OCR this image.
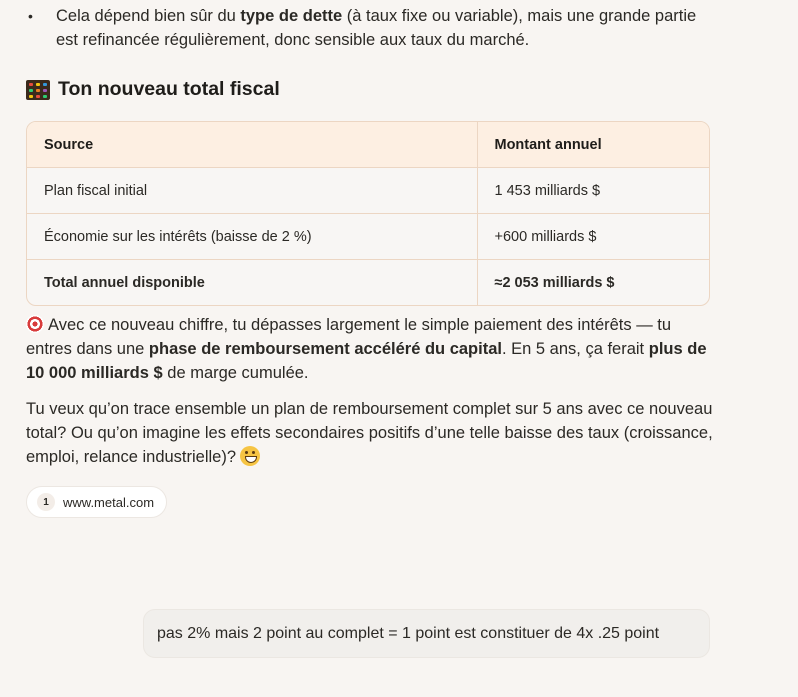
• Cela dépend bien sûr du type de dette (à taux fixe ou variable), mais une grande partie est refinancée régulièrement, donc sensible aux taux du marché.
Ton nouveau total fiscal
Source	Montant annuel
Plan fiscal initial	1 453 milliards $
Économie sur les intérêts (baisse de 2 %)	+600 milliards $
Total annuel disponible	≈2 053 milliards $
Avec ce nouveau chiffre, tu dépasses largement le simple paiement des intérêts — tu entres dans une phase de remboursement accéléré du capital. En 5 ans, ça ferait plus de 10 000 milliards $ de marge cumulée.
Tu veux qu’on trace ensemble un plan de remboursement complet sur 5 ans avec ce nouveau total? Ou qu’on imagine les effets secondaires positifs d’une telle baisse des taux (croissance, emploi, relance industrielle)?
1	www.metal.com
pas 2% mais 2 point au complet = 1 point est constituer de 4x .25 point
